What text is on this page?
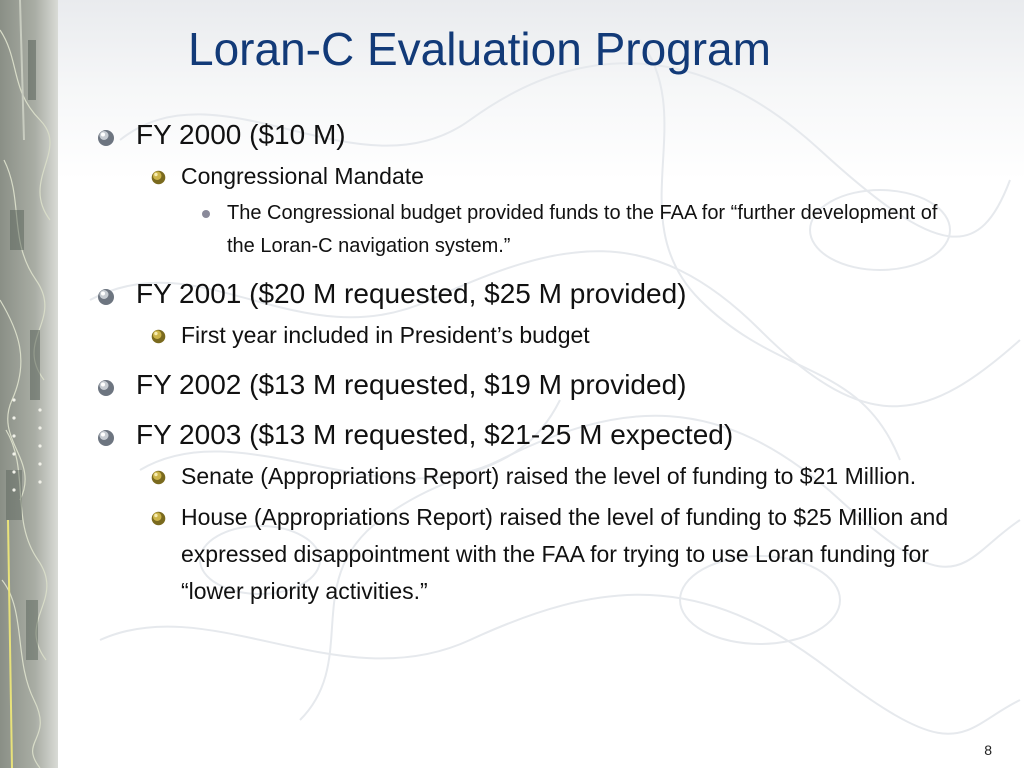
Loran-C Evaluation Program
FY 2000 ($10 M)
Congressional Mandate
The Congressional budget provided funds to the FAA for “further development of the Loran-C navigation system.”
FY 2001 ($20 M requested, $25 M provided)
First year included in President’s budget
FY 2002 ($13 M requested, $19 M provided)
FY 2003 ($13 M requested, $21-25 M expected)
Senate (Appropriations Report) raised the level of funding to $21 Million.
House (Appropriations Report) raised the level of funding to $25 Million and expressed disappointment with the FAA for trying to use Loran funding for “lower priority activities.”
8
